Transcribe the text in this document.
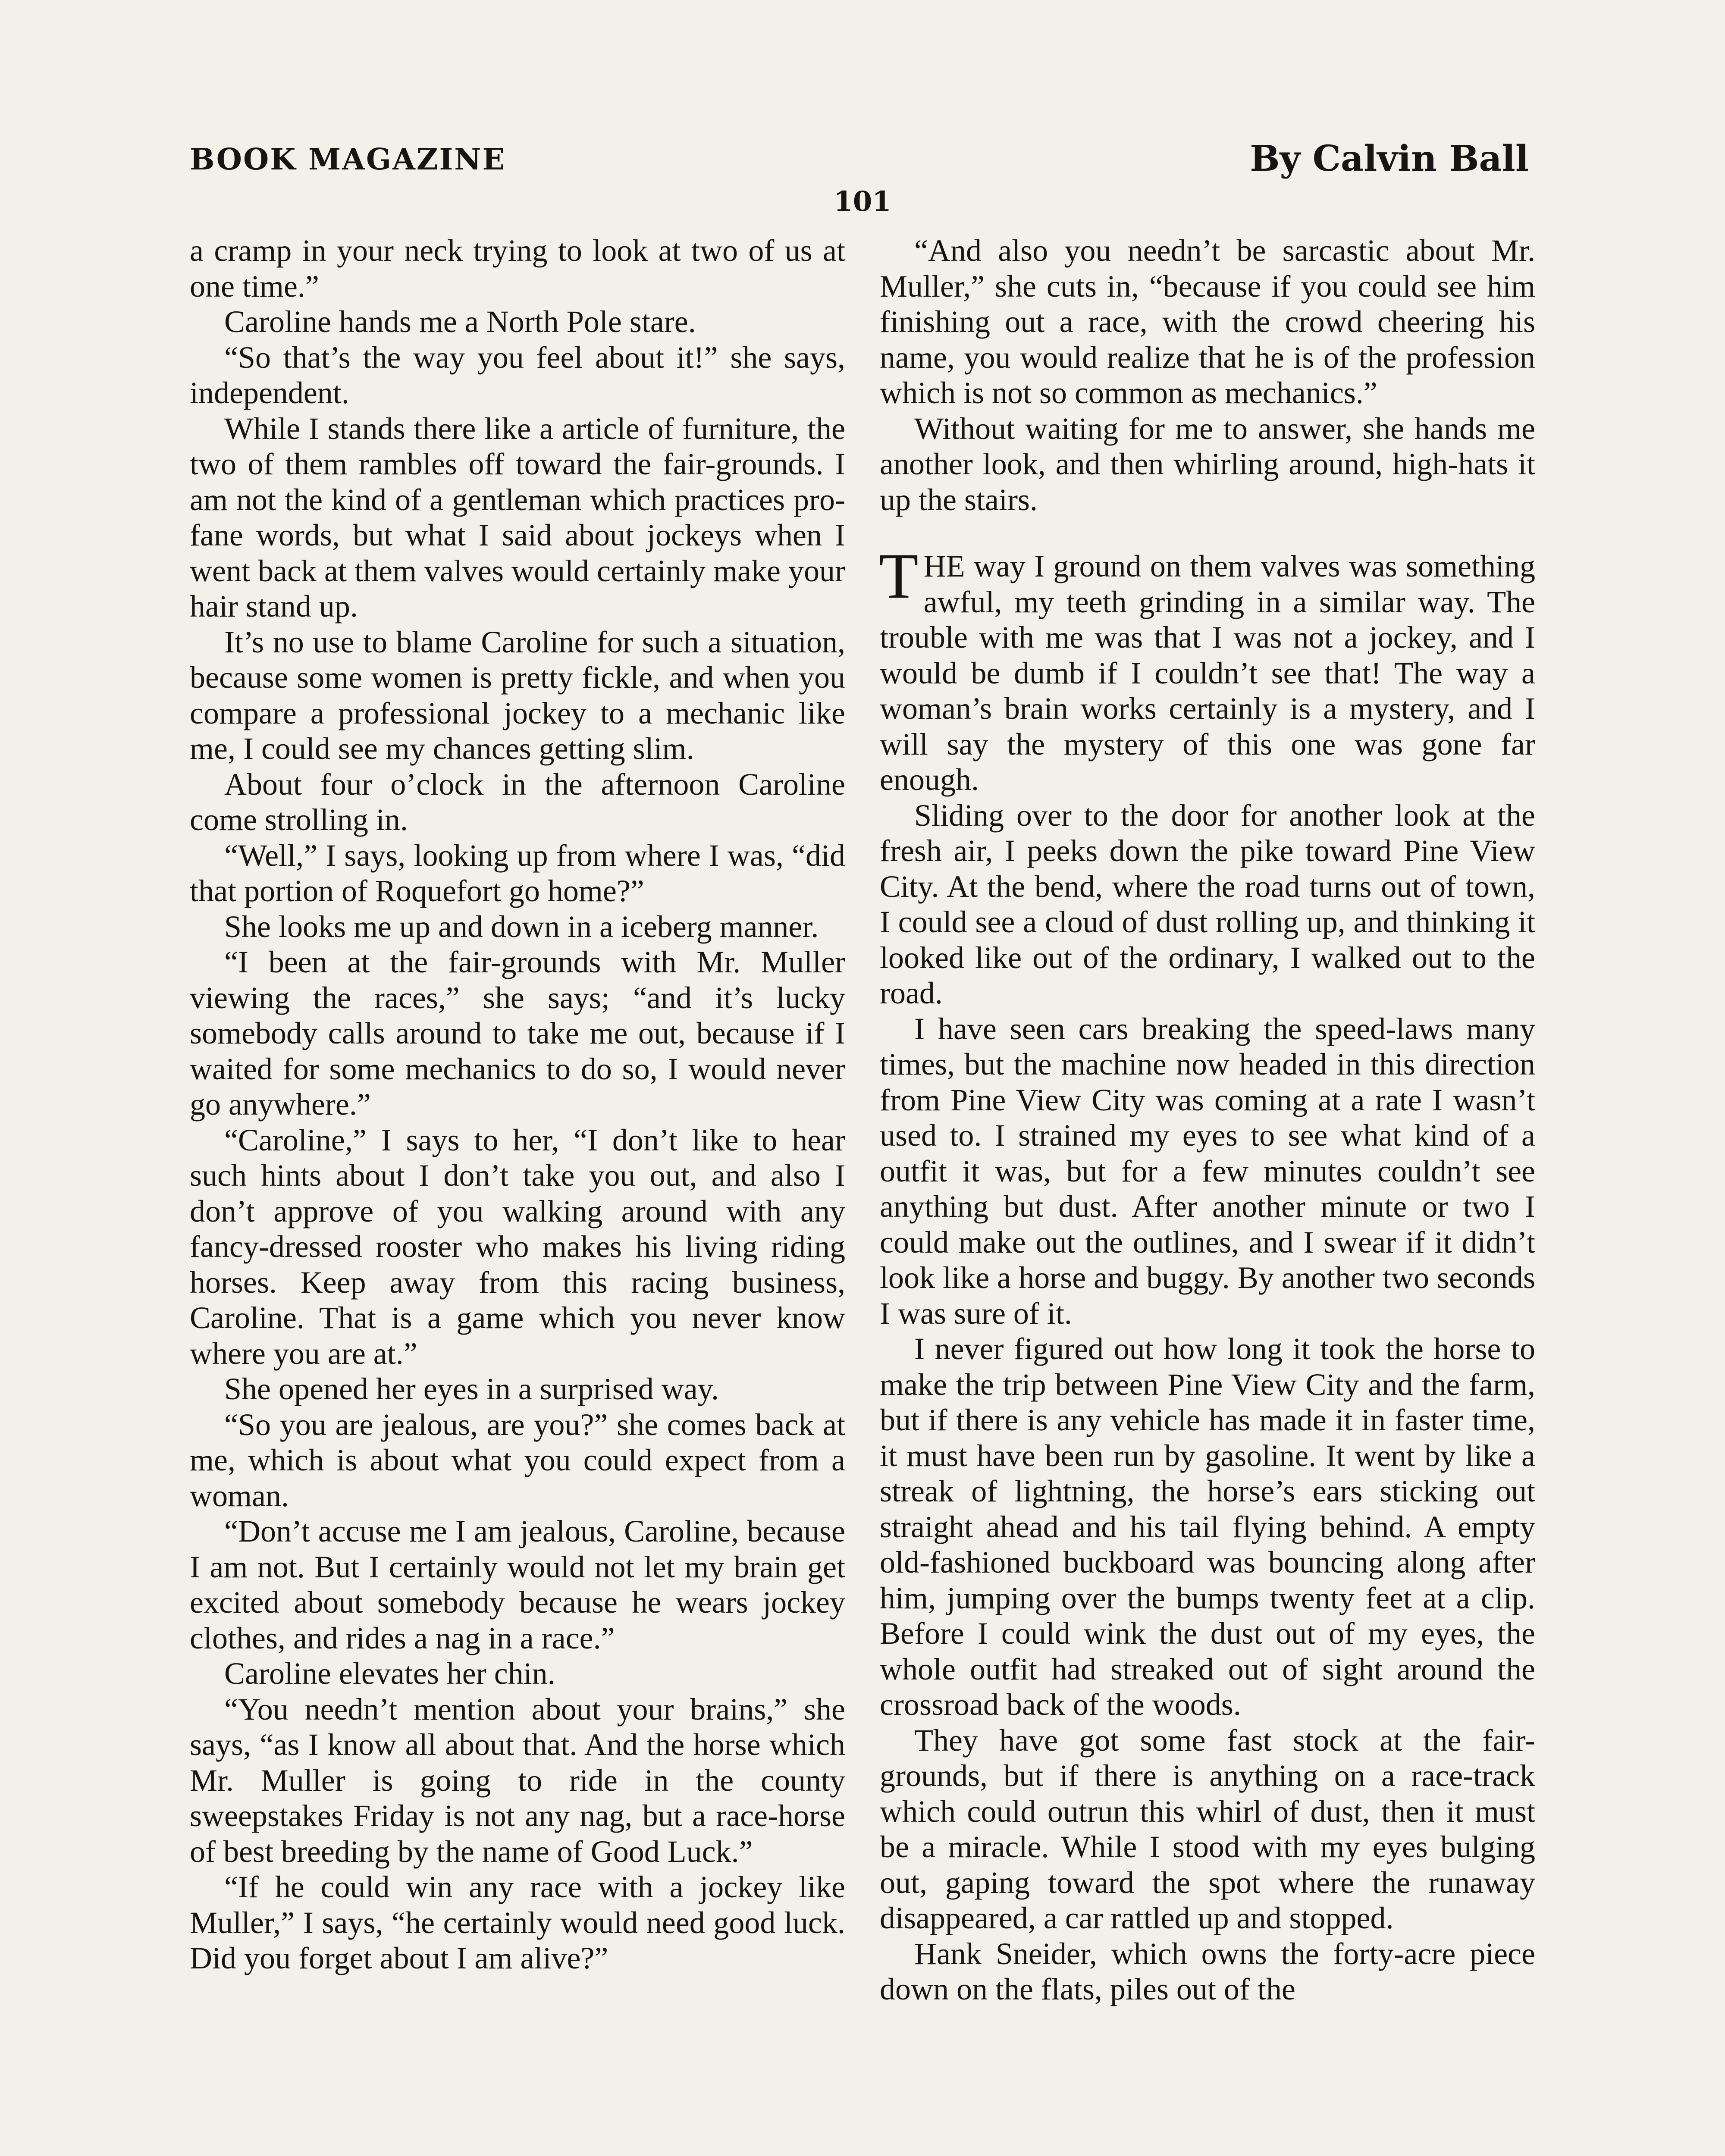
BOOK MAGAZINE	By Calvin Ball
101

a cramp in your neck trying to look at two of us at one time.”

Caroline hands me a North Pole stare.

“So that’s the way you feel about it!” she says, independent.

While I stands there like a article of furniture, the two of them rambles off toward the fair-grounds. I am not the kind of a gentleman which practices profane words, but what I said about jockeys when I went back at them valves would certainly make your hair stand up.

It’s no use to blame Caroline for such a situation, because some women is pretty fickle, and when you compare a professional jockey to a mechanic like me, I could see my chances getting slim.

About four o’clock in the afternoon Caroline come strolling in.

“Well,” I says, looking up from where I was, “did that portion of Roquefort go home?”

She looks me up and down in a iceberg manner.

“I been at the fair-grounds with Mr. Muller viewing the races,” she says; “and it’s lucky somebody calls around to take me out, because if I waited for some mechanics to do so, I would never go anywhere.”

“Caroline,” I says to her, “I don’t like to hear such hints about I don’t take you out, and also I don’t approve of you walking around with any fancy-dressed rooster who makes his living riding horses. Keep away from this racing business, Caroline. That is a game which you never know where you are at.”

She opened her eyes in a surprised way.

“So you are jealous, are you?” she comes back at me, which is about what you could expect from a woman.

“Don’t accuse me I am jealous, Caroline, because I am not. But I certainly would not let my brain get excited about somebody because he wears jockey clothes, and rides a nag in a race.”

Caroline elevates her chin.

“You needn’t mention about your brains,” she says, “as I know all about that. And the horse which Mr. Muller is going to ride in the county sweepstakes Friday is not any nag, but a race-horse of best breeding by the name of Good Luck.”

“If he could win any race with a jockey like Muller,” I says, “he certainly would need good luck. Did you forget about I am alive?”

“And also you needn’t be sarcastic about Mr. Muller,” she cuts in, “because if you could see him finishing out a race, with the crowd cheering his name, you would realize that he is of the profession which is not so common as mechanics.”

Without waiting for me to answer, she hands me another look, and then whirling around, high-hats it up the stairs.

THE way I ground on them valves was something awful, my teeth grinding in a similar way. The trouble with me was that I was not a jockey, and I would be dumb if I couldn’t see that! The way a woman’s brain works certainly is a mystery, and I will say the mystery of this one was gone far enough.

Sliding over to the door for another look at the fresh air, I peeks down the pike toward Pine View City. At the bend, where the road turns out of town, I could see a cloud of dust rolling up, and thinking it looked like out of the ordinary, I walked out to the road.

I have seen cars breaking the speed-laws many times, but the machine now headed in this direction from Pine View City was coming at a rate I wasn’t used to. I strained my eyes to see what kind of a outfit it was, but for a few minutes couldn’t see anything but dust. After another minute or two I could make out the outlines, and I swear if it didn’t look like a horse and buggy. By another two seconds I was sure of it.

I never figured out how long it took the horse to make the trip between Pine View City and the farm, but if there is any vehicle has made it in faster time, it must have been run by gasoline. It went by like a streak of lightning, the horse’s ears sticking out straight ahead and his tail flying behind. A empty old-fashioned buckboard was bouncing along after him, jumping over the bumps twenty feet at a clip. Before I could wink the dust out of my eyes, the whole outfit had streaked out of sight around the crossroad back of the woods.

They have got some fast stock at the fair-grounds, but if there is anything on a race-track which could outrun this whirl of dust, then it must be a miracle. While I stood with my eyes bulging out, gaping toward the spot where the runaway disappeared, a car rattled up and stopped.

Hank Sneider, which owns the forty-acre piece down on the flats, piles out of the
